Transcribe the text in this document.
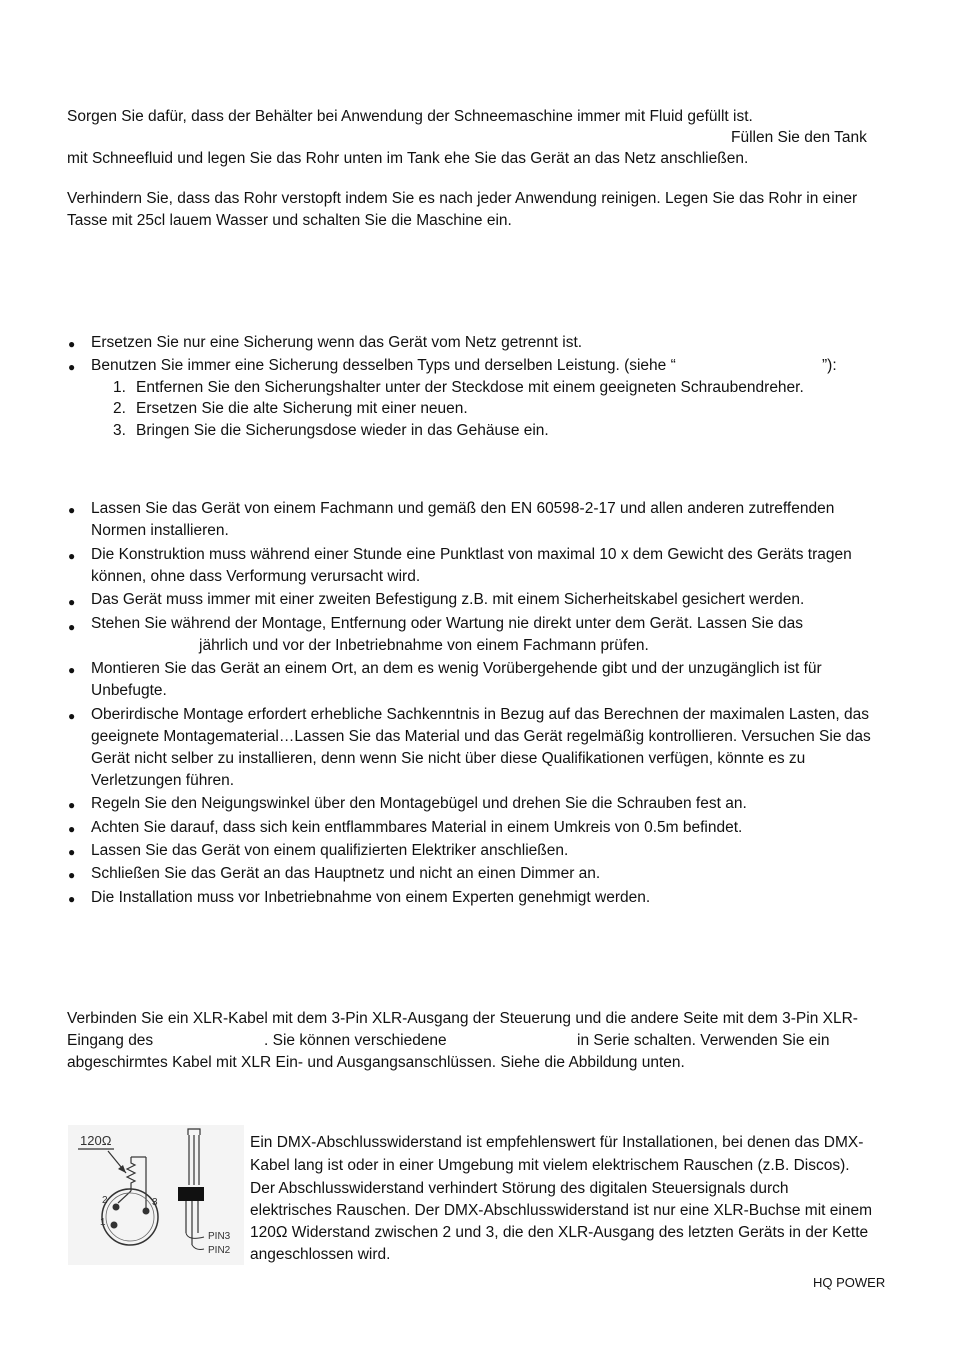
Sorgen Sie dafür, dass der Behälter bei Anwendung der Schneemaschine immer mit Fluid gefüllt ist.
Füllen Sie den Tank
mit Schneefluid und legen Sie das Rohr unten im Tank ehe Sie das Gerät an das Netz anschließen.
Verhindern Sie, dass das Rohr verstopft indem Sie es nach jeder Anwendung reinigen. Legen Sie das Rohr in einer
Tasse mit 25cl lauem Wasser und schalten Sie die Maschine ein.
● Ersetzen Sie nur eine Sicherung wenn das Gerät vom Netz getrennt ist.
● Benutzen Sie immer eine Sicherung desselben Typs und derselben Leistung. (siehe “	”):
1. Entfernen Sie den Sicherungshalter unter der Steckdose mit einem geeigneten Schraubendreher.
2. Ersetzen Sie die alte Sicherung mit einer neuen.
3. Bringen Sie die Sicherungsdose wieder in das Gehäuse ein.
● Lassen Sie das Gerät von einem Fachmann und gemäß den EN 60598-2-17 und allen anderen zutreffenden
Normen installieren.
● Die Konstruktion muss während einer Stunde eine Punktlast von maximal 10 x dem Gewicht des Geräts tragen
können, ohne dass Verformung verursacht wird.
● Das Gerät muss immer mit einer zweiten Befestigung z.B. mit einem Sicherheitskabel gesichert werden.
● Stehen Sie während der Montage, Entfernung oder Wartung nie direkt unter dem Gerät. Lassen Sie das
jährlich und vor der Inbetriebnahme von einem Fachmann prüfen.
● Montieren Sie das Gerät an einem Ort, an dem es wenig Vorübergehende gibt und der unzugänglich ist für
Unbefugte.
● Oberirdische Montage erfordert erhebliche Sachkenntnis in Bezug auf das Berechnen der maximalen Lasten, das
geeignete Montagematerial…Lassen Sie das Material und das Gerät regelmäßig kontrollieren. Versuchen Sie das
Gerät nicht selber zu installieren, denn wenn Sie nicht über diese Qualifikationen verfügen, könnte es zu
Verletzungen führen.
● Regeln Sie den Neigungswinkel über den Montagebügel und drehen Sie die Schrauben fest an.
● Achten Sie darauf, dass sich kein entflammbares Material in einem Umkreis von 0.5m befindet.
● Lassen Sie das Gerät von einem qualifizierten Elektriker anschließen.
● Schließen Sie das Gerät an das Hauptnetz und nicht an einen Dimmer an.
● Die Installation muss vor Inbetriebnahme von einem Experten genehmigt werden.
Verbinden Sie ein XLR-Kabel mit dem 3-Pin XLR-Ausgang der Steuerung und die andere Seite mit dem 3-Pin XLR-
Eingang des	. Sie können verschiedene	in Serie schalten. Verwenden Sie ein
abgeschirmtes Kabel mit XLR Ein- und Ausgangsanschlüssen. Siehe die Abbildung unten.
120Ω
2
1
3
PIN3
PIN2
Ein DMX-Abschlusswiderstand ist empfehlenswert für Installationen, bei denen das DMX-
Kabel lang ist oder in einer Umgebung mit vielem elektrischem Rauschen (z.B. Discos).
Der Abschlusswiderstand verhindert Störung des digitalen Steuersignals durch
elektrisches Rauschen. Der DMX-Abschlusswiderstand ist nur eine XLR-Buchse mit einem
120Ω Widerstand zwischen 2 und 3, die den XLR-Ausgang des letzten Geräts in der Kette
angeschlossen wird.
HQ POWER
